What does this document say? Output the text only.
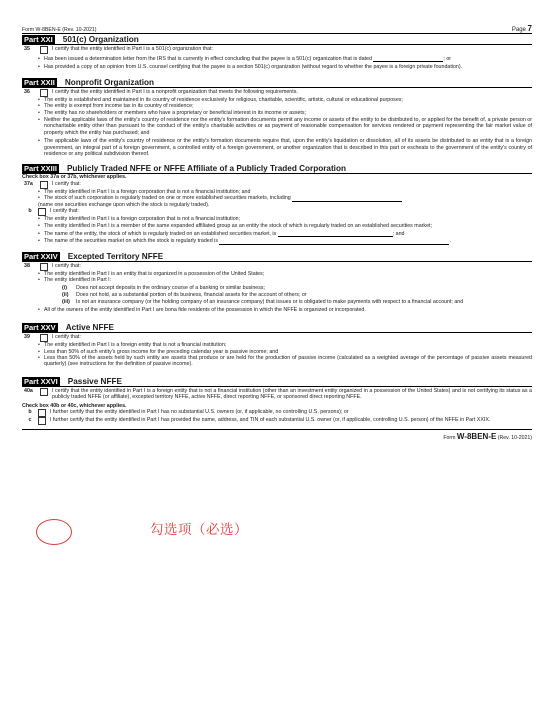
Form W-8BEN-E (Rev. 10-2021)	Page 7
Part XXI 501(c) Organization
35	I certify that the entity identified in Part I is a 501(c) organization that:
• Has been issued a determination letter from the IRS that is currently in effect concluding that the payee is a 501(c) organization that is dated	; or
• Has provided a copy of an opinion from U.S. counsel certifying that the payee is a section 501(c) organization (without regard to whether the payee is a foreign private foundation).
Part XXII Nonprofit Organization
36	I certify that the entity identified in Part I is a nonprofit organization that meets the following requirements.
• The entity is established and maintained in its country of residence exclusively for religious, charitable, scientific, artistic, cultural or educational purposes;
• The entity is exempt from income tax in its country of residence;
• The entity has no shareholders or members who have a proprietary or beneficial interest in its income or assets;
• Neither the applicable laws of the entity's country of residence nor the entity's formation documents permit any income or assets of the entity to be distributed to, or applied for the benefit of, a private person or noncharitable entity other than pursuant to the conduct of the entity's charitable activities or as payment of reasonable compensation for services rendered or payment representing the fair market value of property which the entity has purchased; and
• The applicable laws of the entity's country of residence or the entity's formation documents require that, upon the entity's liquidation or dissolution, all of its assets be distributed to an entity that is a foreign government, an integral part of a foreign government, a controlled entity of a foreign government, or another organization that is described in this part or escheats to the government of the entity's country of residence or any political subdivision thereof.
Part XXIII Publicly Traded NFFE or NFFE Affiliate of a Publicly Traded Corporation
Check box 37a or 37b, whichever applies.
37a	I certify that:
• The entity identified in Part I is a foreign corporation that is not a financial institution; and
• The stock of such corporation is regularly traded on one or more established securities markets, including
(name one securities exchange upon which the stock is regularly traded).
b	I certify that:
• The entity identified in Part I is a foreign corporation that is not a financial institution;
• The entity identified in Part I is a member of the same expanded affiliated group as an entity the stock of which is regularly traded on an established securities market;
• The name of the entity, the stock of which is regularly traded on an established securities market, is	; and
• The name of the securities market on which the stock is regularly traded is	.
Part XXIV Excepted Territory NFFE
38	I certify that:
• The entity identified in Part I is an entity that is organized in a possession of the United States;
• The entity identified in Part I:
(i)	Does not accept deposits in the ordinary course of a banking or similar business;
(ii)	Does not hold, as a substantial portion of its business, financial assets for the account of others; or
(iii)	Is not an insurance company (or the holding company of an insurance company) that issues or is obligated to make payments with respect to a financial account; and
• All of the owners of the entity identified in Part I are bona fide residents of the possession in which the NFFE is organized or incorporated.
Part XXV Active NFFE
39	I certify that:
• The entity identified in Part I is a foreign entity that is not a financial institution;
• Less than 50% of such entity's gross income for the preceding calendar year is passive income; and
• Less than 50% of the assets held by such entity are assets that produce or are held for the production of passive income (calculated as a weighted average of the percentage of passive assets measured quarterly) (see instructions for the definition of passive income).
Part XXVI Passive NFFE
40a	I certify that the entity identified in Part I is a foreign entity that is not a financial institution (other than an investment entity organized in a possession of the United States) and is not certifying its status as a publicly traded NFFE (or affiliate), excepted territory NFFE, active NFFE, direct reporting NFFE, or sponsored direct reporting NFFE.
Check box 40b or 40c, whichever applies.
b	I further certify that the entity identified in Part I has no substantial U.S. owners (or, if applicable, no controlling U.S. persons); or
c	I further certify that the entity identified in Part I has provided the name, address, and TIN of each substantial U.S. owner (or, if applicable, controlling U.S. person) of the NFFE in Part XXIX.
Form W-8BEN-E (Rev. 10-2021)
勾选项（必选）
